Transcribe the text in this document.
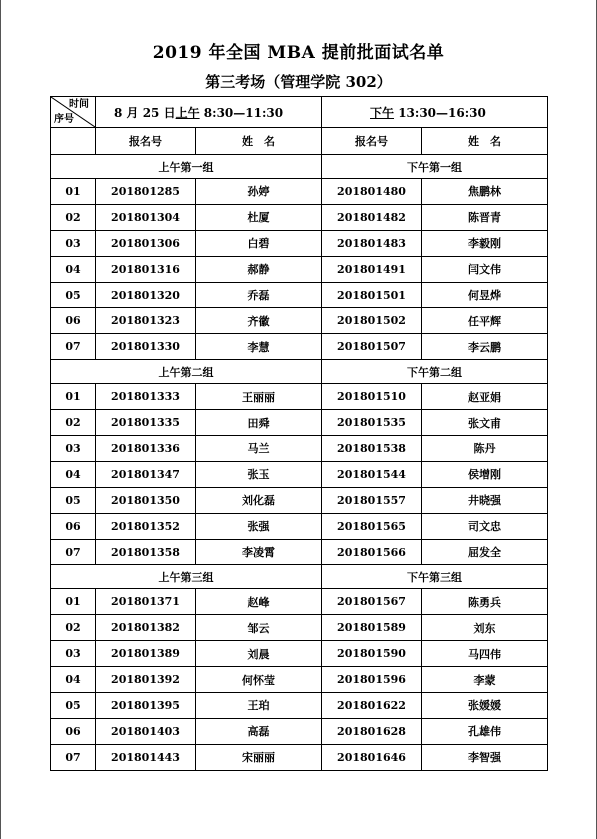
2019 年全国 MBA 提前批面试名单
第三考场（管理学院 302）
时间
序号	8 月 25 日上午 8:30—11:30		下午 13:30—16:30	
	报名号	姓　名	报名号	姓　名
上午第一组			下午第一组	
01	201801285	孙婷	201801480	焦鹏林
02	201801304	杜厦	201801482	陈晋青
03	201801306	白碧	201801483	李毅刚
04	201801316	郝静	201801491	闫文伟
05	201801320	乔磊	201801501	何昱烨
06	201801323	齐徽	201801502	任平辉
07	201801330	李慧	201801507	李云鹏
上午第二组			下午第二组	
01	201801333	王丽丽	201801510	赵亚娟
02	201801335	田舜	201801535	张文甫
03	201801336	马兰	201801538	陈丹
04	201801347	张玉	201801544	侯增刚
05	201801350	刘化磊	201801557	井晓强
06	201801352	张强	201801565	司文忠
07	201801358	李凌霄	201801566	屈发全
上午第三组			下午第三组	
01	201801371	赵峰	201801567	陈勇兵
02	201801382	邹云	201801589	刘东
03	201801389	刘晨	201801590	马四伟
04	201801392	何怀莹	201801596	李蒙
05	201801395	王珀	201801622	张媛媛
06	201801403	高磊	201801628	孔雄伟
07	201801443	宋丽丽	201801646	李智强
